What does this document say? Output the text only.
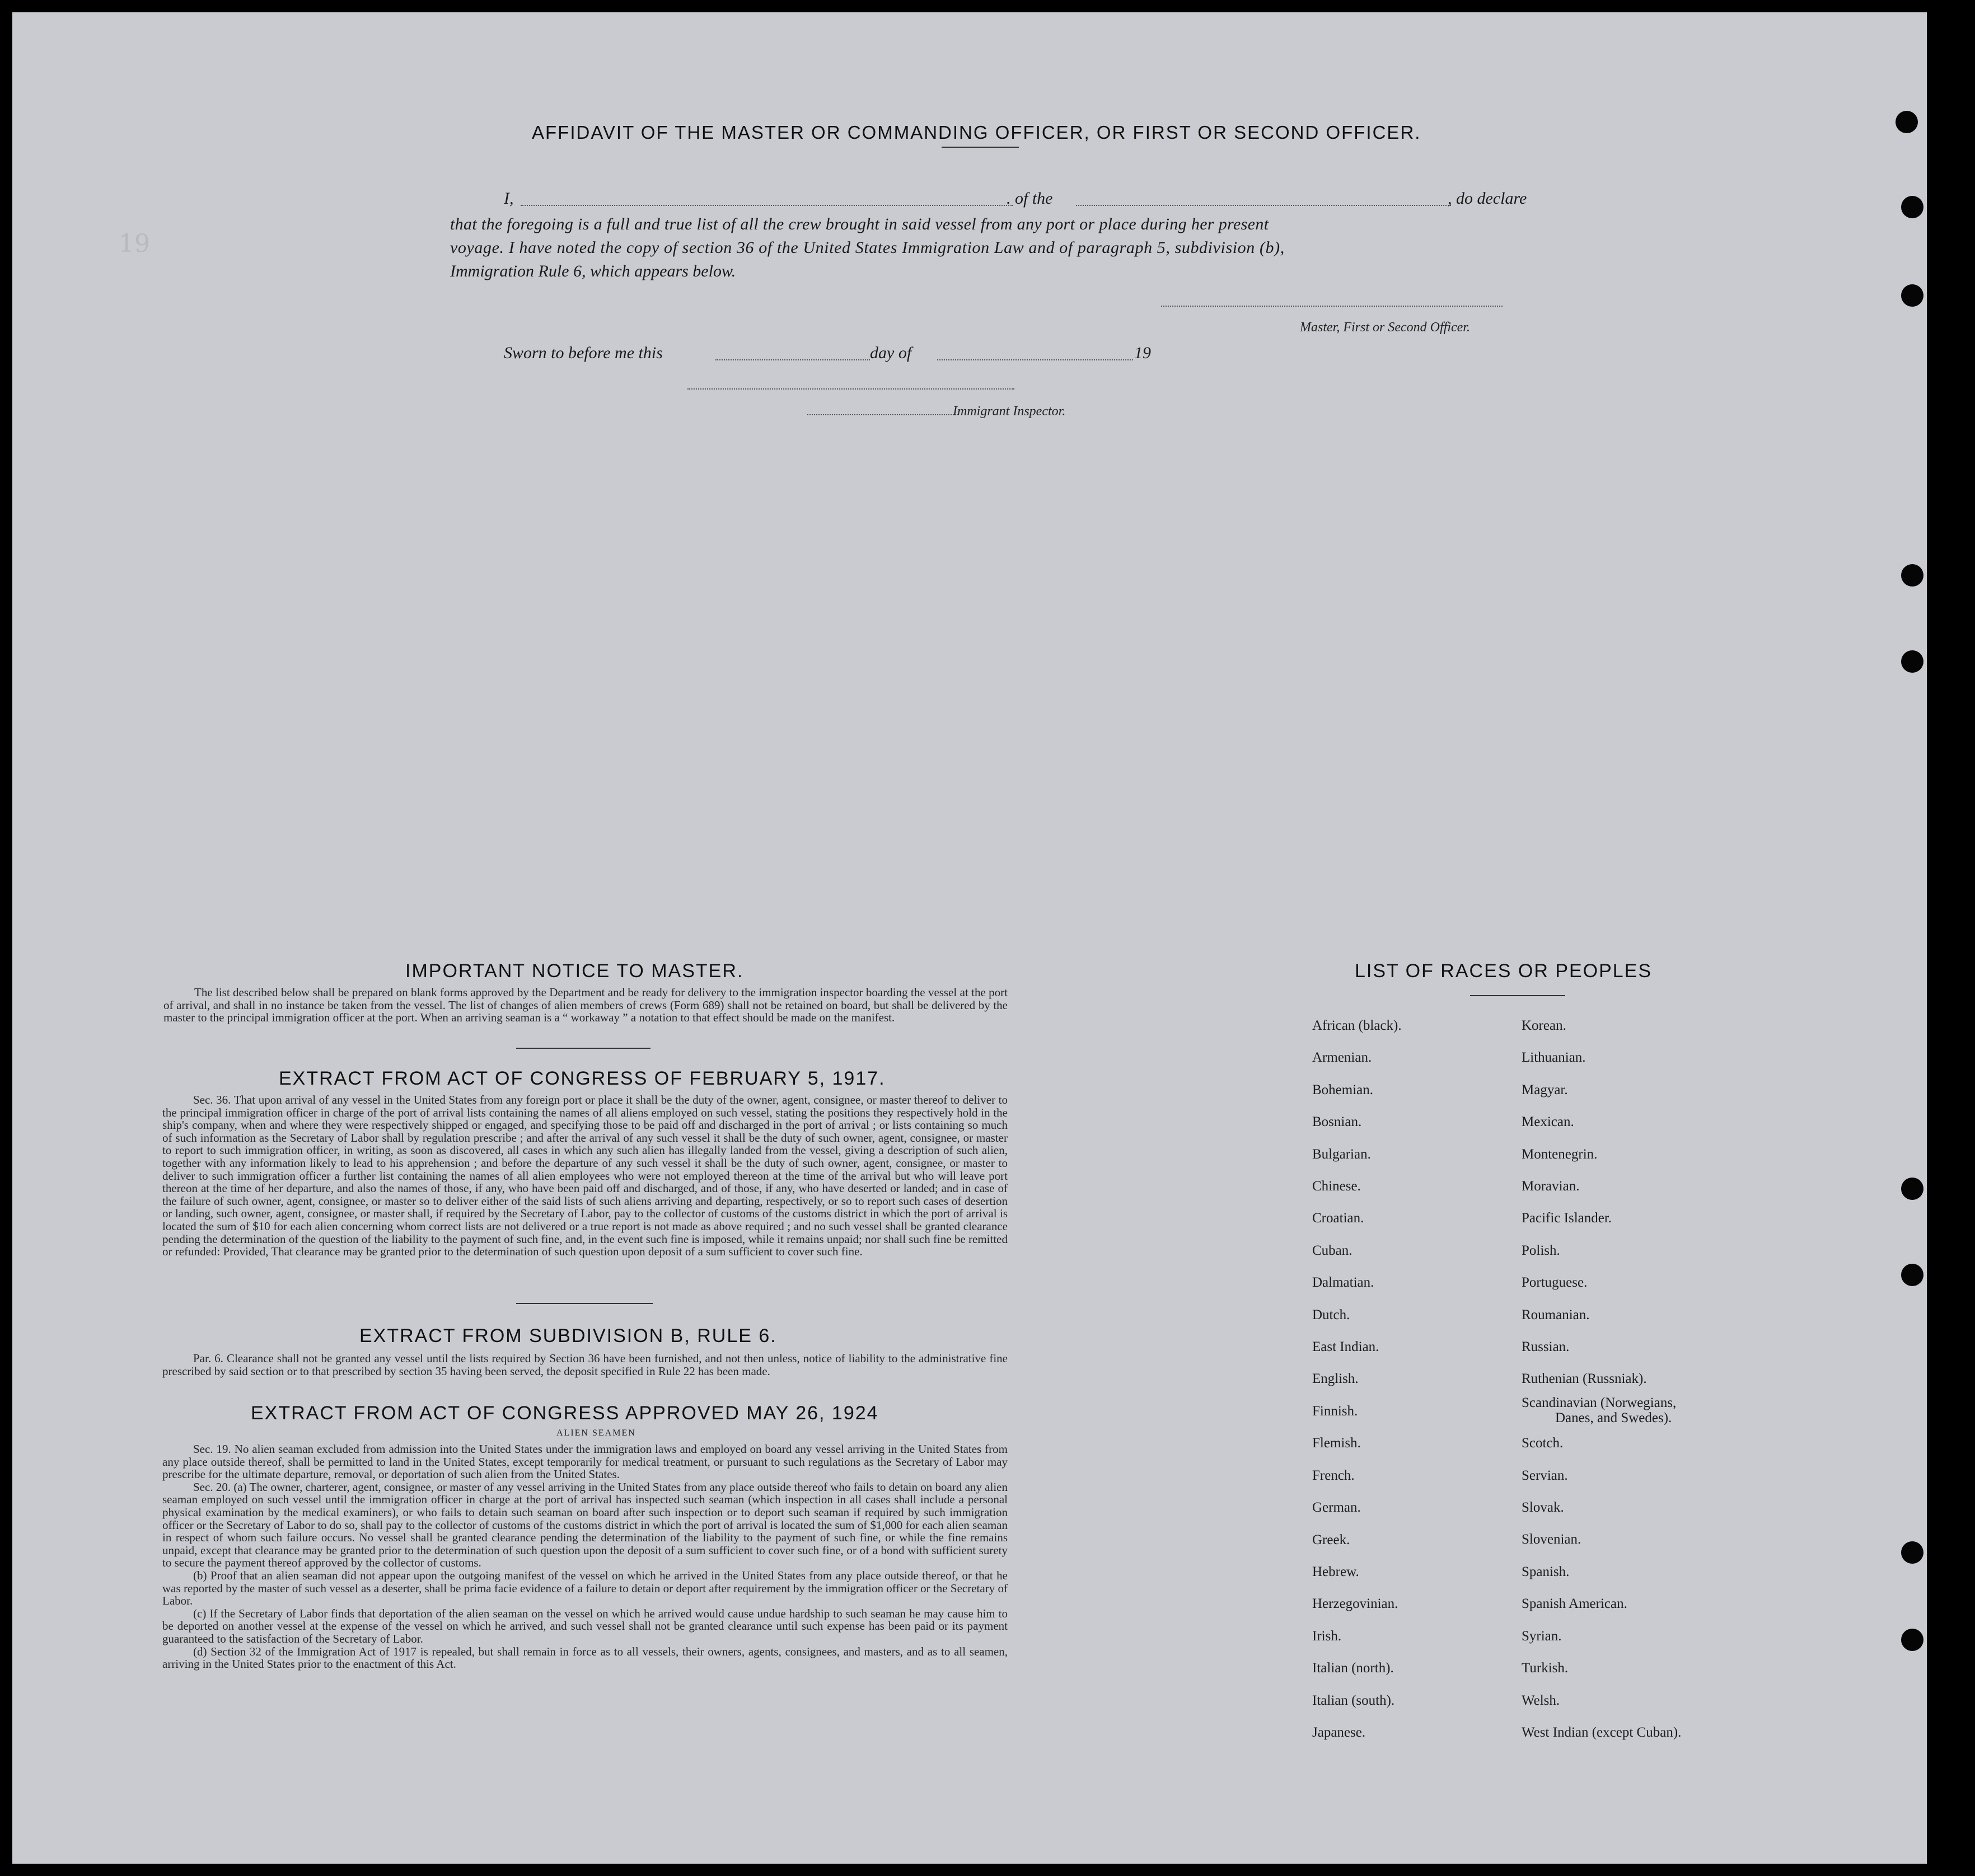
19
AFFIDAVIT OF THE MASTER OR COMMANDING OFFICER, OR FIRST OR SECOND OFFICER.
I,	. of the	, do declare
that the foregoing is a full and true list of all the crew brought in said vessel from any port or place during her present
voyage. I have noted the copy of section 36 of the United States Immigration Law and of paragraph 5, subdivision (b),
Immigration Rule 6, which appears below.
Master, First or Second Officer.
Sworn to before me this	day of	19
Immigrant Inspector.
IMPORTANT NOTICE TO MASTER.

The list described below shall be prepared on blank forms approved by the Department and be ready for delivery to the immigration inspector boarding the vessel at the port of arrival, and shall in no instance be taken from the vessel. The list of changes of alien members of crews (Form 689) shall not be retained on board, but shall be delivered by the master to the principal immigration officer at the port. When an arriving seaman is a “ workaway ” a notation to that effect should be made on the manifest.

EXTRACT FROM ACT OF CONGRESS OF FEBRUARY 5, 1917.

Sec. 36. That upon arrival of any vessel in the United States from any foreign port or place it shall be the duty of the owner, agent, consignee, or master thereof to deliver to the principal immigration officer in charge of the port of arrival lists containing the names of all aliens employed on such vessel, stating the positions they respectively hold in the ship's company, when and where they were respectively shipped or engaged, and specifying those to be paid off and discharged in the port of arrival ; or lists containing so much of such information as the Secretary of Labor shall by regulation prescribe ; and after the arrival of any such vessel it shall be the duty of such owner, agent, consignee, or master to report to such immigration officer, in writing, as soon as discovered, all cases in which any such alien has illegally landed from the vessel, giving a description of such alien, together with any information likely to lead to his apprehension ; and before the departure of any such vessel it shall be the duty of such owner, agent, consignee, or master to deliver to such immigration officer a further list containing the names of all alien employees who were not employed thereon at the time of the arrival but who will leave port thereon at the time of her departure, and also the names of those, if any, who have been paid off and discharged, and of those, if any, who have deserted or landed; and in case of the failure of such owner, agent, consignee, or master so to deliver either of the said lists of such aliens arriving and departing, respectively, or so to report such cases of desertion or landing, such owner, agent, consignee, or master shall, if required by the Secretary of Labor, pay to the collector of customs of the customs district in which the port of arrival is located the sum of $10 for each alien concerning whom correct lists are not delivered or a true report is not made as above required ; and no such vessel shall be granted clearance pending the determination of the question of the liability to the payment of such fine, and, in the event such fine is imposed, while it remains unpaid; nor shall such fine be remitted or refunded: Provided, That clearance may be granted prior to the determination of such question upon deposit of a sum sufficient to cover such fine.

EXTRACT FROM SUBDIVISION B, RULE 6.

Par. 6. Clearance shall not be granted any vessel until the lists required by Section 36 have been furnished, and not then unless, notice of liability to the administrative fine prescribed by said section or to that prescribed by section 35 having been served, the deposit specified in Rule 22 has been made.

EXTRACT FROM ACT OF CONGRESS APPROVED MAY 26, 1924
ALIEN SEAMEN

Sec. 19. No alien seaman excluded from admission into the United States under the immigration laws and employed on board any vessel arriving in the United States from any place outside thereof, shall be permitted to land in the United States, except temporarily for medical treatment, or pursuant to such regulations as the Secretary of Labor may prescribe for the ultimate departure, removal, or deportation of such alien from the United States.

Sec. 20. (a) The owner, charterer, agent, consignee, or master of any vessel arriving in the United States from any place outside thereof who fails to detain on board any alien seaman employed on such vessel until the immigration officer in charge at the port of arrival has inspected such seaman (which inspection in all cases shall include a personal physical examination by the medical examiners), or who fails to detain such seaman on board after such inspection or to deport such seaman if required by such immigration officer or the Secretary of Labor to do so, shall pay to the collector of customs of the customs district in which the port of arrival is located the sum of $1,000 for each alien seaman in respect of whom such failure occurs. No vessel shall be granted clearance pending the determination of the liability to the payment of such fine, or while the fine remains unpaid, except that clearance may be granted prior to the determination of such question upon the deposit of a sum sufficient to cover such fine, or of a bond with sufficient surety to secure the payment thereof approved by the collector of customs.

(b) Proof that an alien seaman did not appear upon the outgoing manifest of the vessel on which he arrived in the United States from any place outside thereof, or that he was reported by the master of such vessel as a deserter, shall be prima facie evidence of a failure to detain or deport after requirement by the immigration officer or the Secretary of Labor.

(c) If the Secretary of Labor finds that deportation of the alien seaman on the vessel on which he arrived would cause undue hardship to such seaman he may cause him to be deported on another vessel at the expense of the vessel on which he arrived, and such vessel shall not be granted clearance until such expense has been paid or its payment guaranteed to the satisfaction of the Secretary of Labor.

(d) Section 32 of the Immigration Act of 1917 is repealed, but shall remain in force as to all vessels, their owners, agents, consignees, and masters, and as to all seamen, arriving in the United States prior to the enactment of this Act.

LIST OF RACES OR PEOPLES
African (black).
Armenian.
Bohemian.
Bosnian.
Bulgarian.
Chinese.
Croatian.
Cuban.
Dalmatian.
Dutch.
East Indian.
English.
Finnish.
Flemish.
French.
German.
Greek.
Hebrew.
Herzegovinian.
Irish.
Italian (north).
Italian (south).
Japanese.
Korean.
Lithuanian.
Magyar.
Mexican.
Montenegrin.
Moravian.
Pacific Islander.
Polish.
Portuguese.
Roumanian.
Russian.
Ruthenian (Russniak).
Scandinavian (Norwegians,
Danes, and Swedes).
Scotch.
Servian.
Slovak.
Slovenian.
Spanish.
Spanish American.
Syrian.
Turkish.
Welsh.
West Indian (except Cuban).
